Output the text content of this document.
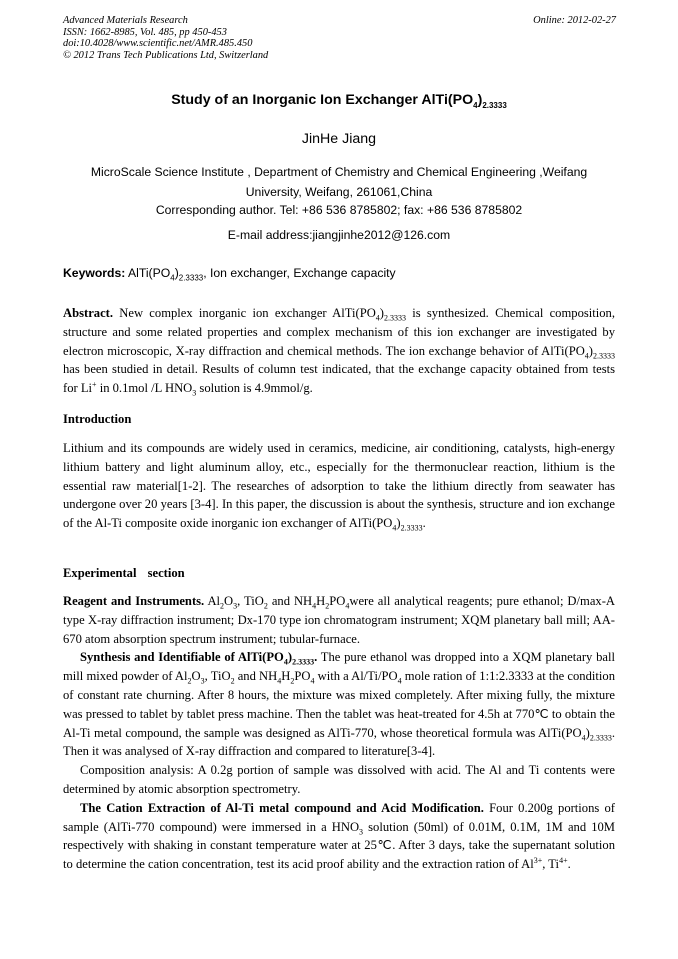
Advanced Materials Research
ISSN: 1662-8985, Vol. 485, pp 450-453
doi:10.4028/www.scientific.net/AMR.485.450
© 2012 Trans Tech Publications Ltd, Switzerland
Online: 2012-02-27
Study of an Inorganic Ion Exchanger $AlTi(PO_4)_{2.3333}$
JinHe Jiang
MicroScale Science Institute , Department of Chemistry and Chemical Engineering ,Weifang University, Weifang, 261061,China
Corresponding author. Tel: +86 536 8785802; fax: +86 536 8785802
E-mail address:jiangjinhe2012@126.com
Keywords: $AlTi(PO_4)_{2.3333}$, Ion exchanger, Exchange capacity
Abstract. New complex inorganic ion exchanger $AlTi(PO_4)_{2.3333}$ is synthesized. Chemical composition, structure and some related properties and complex mechanism of this ion exchanger are investigated by electron microscopic, X-ray diffraction and chemical methods. The ion exchange behavior of $AlTi(PO_4)_{2.3333}$ has been studied in detail. Results of column test indicated, that the exchange capacity obtained from tests for Li+ in 0.1mol /L $HNO_3$ solution is 4.9mmol/g.
Introduction
Lithium and its compounds are widely used in ceramics, medicine, air conditioning, catalysts, high-energy lithium battery and light aluminum alloy, etc., especially for the thermonuclear reaction, lithium is the essential raw material[1-2]. The researches of adsorption to take the lithium directly from seawater has undergone over 20 years [3-4]. In this paper, the discussion is about the synthesis, structure and ion exchange of the Al-Ti composite oxide inorganic ion exchanger of $AlTi(PO_4)_{2.3333}$.
Experimental section

Reagent and Instruments. $Al_2O_3$, TiO$_2$ and $NH_4H_2PO_4were$ all analytical reagents; pure ethanol; D/max-A type X-ray diffraction instrument; Dx-170 type ion chromatogram instrument; XQM planetary ball mill; AA-670 atom absorption spectrum instrument; tubular-furnace.

Synthesis and Identifiable of $AlTi(PO_4)_{2.3333}$. The pure ethanol was dropped into a XQM planetary ball mill mixed powder of $Al_2O_3$, TiO$_2$ and $NH_4H_2PO_4$ with a $Al/Ti/PO_4$ mole ration of 1:1:2.3333 at the condition of constant rate churning. After 8 hours, the mixture was mixed completely. After mixing fully, the mixture was pressed to tablet by tablet press machine. Then the tablet was heat-treated for 4.5h at 770℃ to obtain the Al-Ti metal compound, the sample was designed as AlTi-770, whose theoretical formula was $AlTi(PO_4)_{2.3333}$. Then it was analysed of X-ray diffraction and compared to literature[3-4].

Composition analysis: A 0.2g portion of sample was dissolved with acid. The Al and Ti contents were determined by atomic absorption spectrometry.

The Cation Extraction of Al-Ti metal compound and Acid Modification. Four 0.200g portions of sample (AlTi-770 compound) were immersed in a $HNO_3$ solution (50ml) of 0.01M, 0.1M, 1M and 10M respectively with shaking in constant temperature water at 25℃. After 3 days, take the supernatant solution to determine the cation concentration, test its acid proof ability and the extraction ration of $Al^{3+}$, $Ti^{4+}$.
